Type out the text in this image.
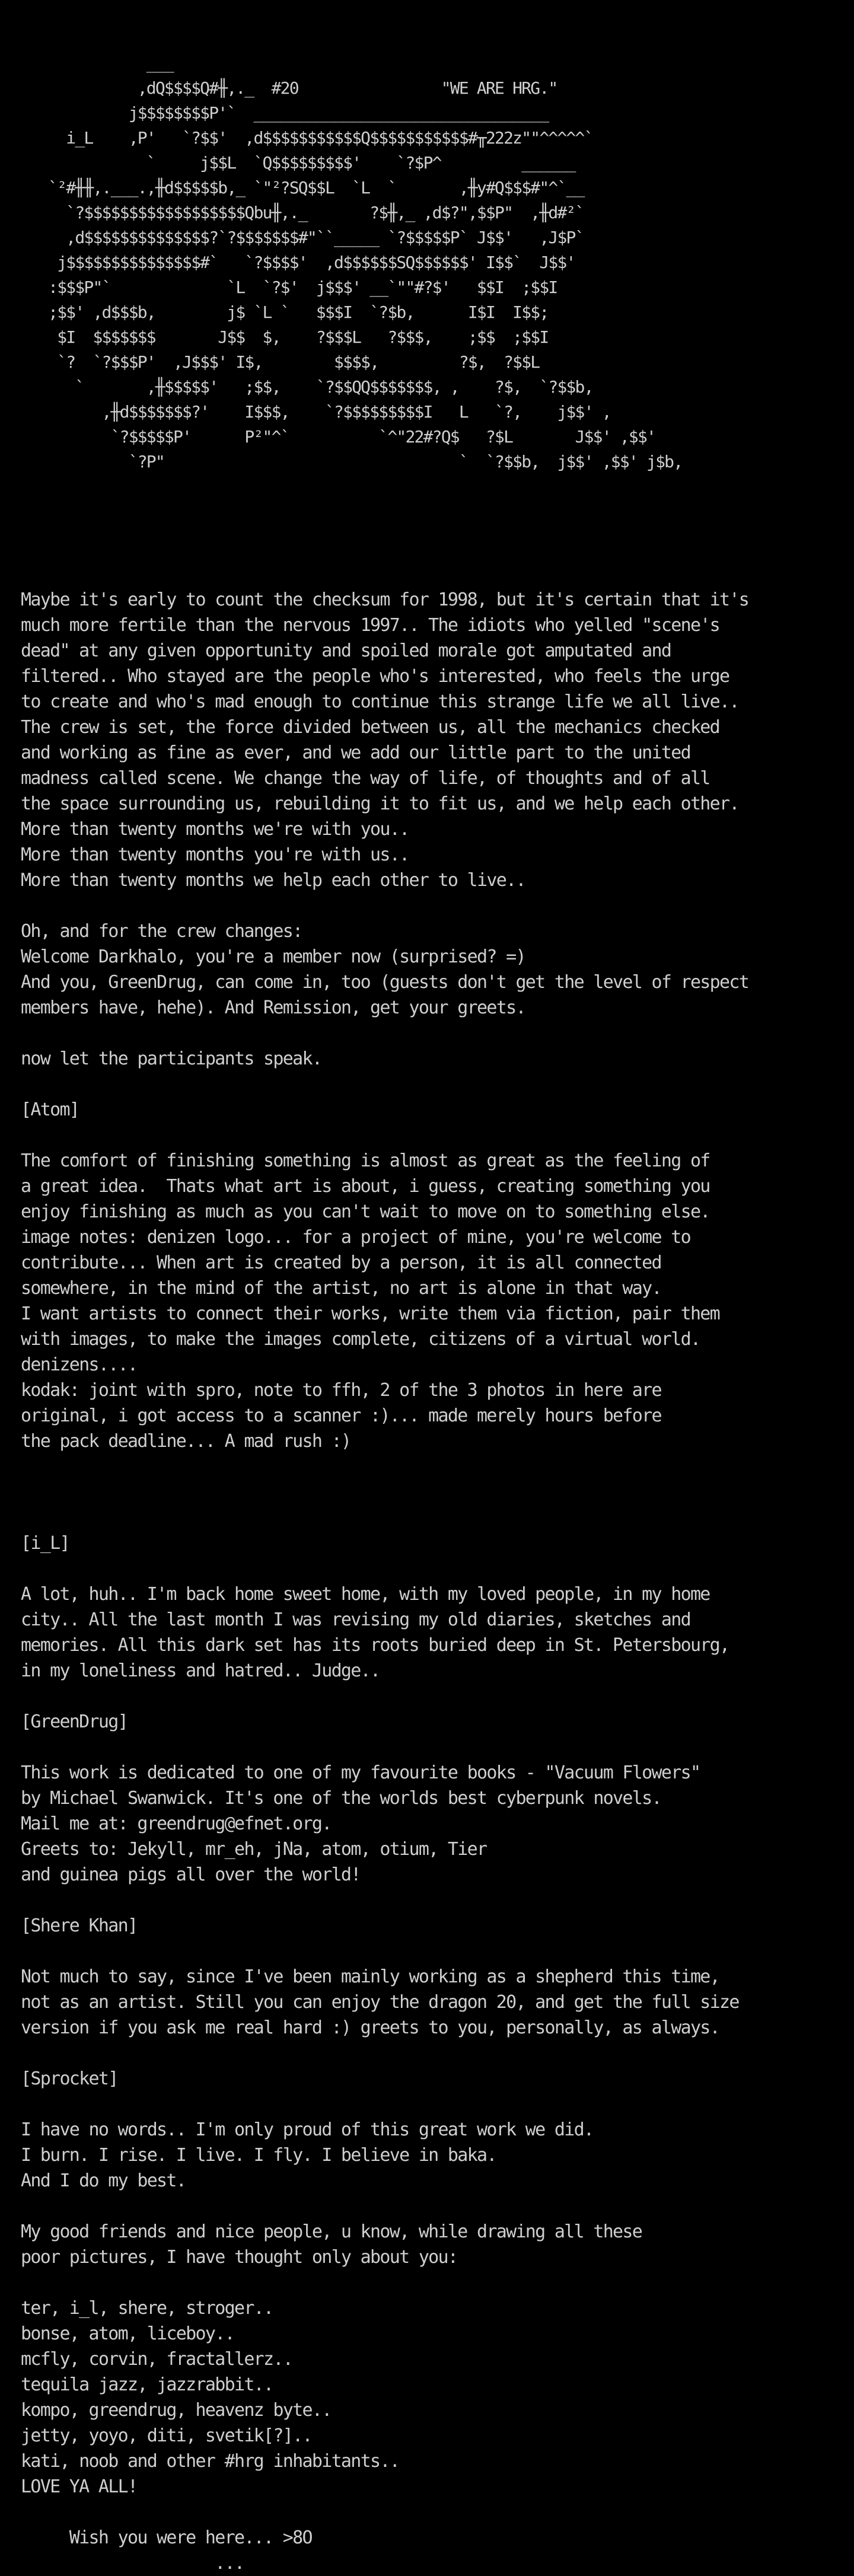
___
,dQ$$$$Q#╫,._  #20                "WE ARE HRG."
j$$$$$$$$P'`  _________________________________
i_L    ,P'   `?$$'  ,d$$$$$$$$$$$Q$$$$$$$$$$$#╥222z""^^^^^`
`     j$$L  `Q$$$$$$$$$'    `?$P^         ______
`²#╫╫,.___.,╫d$$$$$b,_ `"²?SQ$$L  `L  `       ,╫y#Q$$$#"^`__
`?$$$$$$$$$$$$$$$$$$Qbu╫,._       ?$╫,_ ,d$?",$$P"  ,╫d#²`
,d$$$$$$$$$$$$$$?`?$$$$$$$#"``_____ `?$$$$$P` J$$'   ,J$P`
j$$$$$$$$$$$$$$$#`   `?$$$$'  ,d$$$$$$SQ$$$$$$' I$$`  J$$'
:$$$P"`             `L  `?$'  j$$$' __`""#?$'   $$I  ;$$I
;$$' ,d$$$b,        j$ `L `   $$$I  `?$b,      I$I  I$$;
$I  $$$$$$$       J$$  $,    ?$$$L   ?$$$,    ;$$  ;$$I
`?  `?$$$P'  ,J$$$' I$,        $$$$,         ?$,  ?$$L
`       ,╫$$$$$'   ;$$,    `?$$QQ$$$$$$$, ,    ?$,  `?$$b,
,╫d$$$$$$$?'    I$$$,    `?$$$$$$$$$I   L   `?,    j$$' ,
`?$$$$$P'      P²"^`          `^"22#?Q$   ?$L       J$$' ,$$'
`?P"                                 `  `?$$b,  j$$' ,$$' j$b,
Maybe it's early to count the checksum for 1998, but it's certain that it's
much more fertile than the nervous 1997.. The idiots who yelled "scene's
dead" at any given opportunity and spoiled morale got amputated and
filtered.. Who stayed are the people who's interested, who feels the urge
to create and who's mad enough to continue this strange life we all live..
The crew is set, the force divided between us, all the mechanics checked
and working as fine as ever, and we add our little part to the united
madness called scene. We change the way of life, of thoughts and of all
the space surrounding us, rebuilding it to fit us, and we help each other.
More than twenty months we're with you..
More than twenty months you're with us..
More than twenty months we help each other to live..
Oh, and for the crew changes:
Welcome Darkhalo, you're a member now (surprised? =)
And you, GreenDrug, can come in, too (guests don't get the level of respect
members have, hehe). And Remission, get your greets.
now let the participants speak.
[Atom]
The comfort of finishing something is almost as great as the feeling of
a great idea.  Thats what art is about, i guess, creating something you
enjoy finishing as much as you can't wait to move on to something else.
image notes: denizen logo... for a project of mine, you're welcome to
contribute... When art is created by a person, it is all connected
somewhere, in the mind of the artist, no art is alone in that way.
I want artists to connect their works, write them via fiction, pair them
with images, to make the images complete, citizens of a virtual world.
denizens....
kodak: joint with spro, note to ffh, 2 of the 3 photos in here are
original, i got access to a scanner :)... made merely hours before
the pack deadline... A mad rush :)
[i_L]
A lot, huh.. I'm back home sweet home, with my loved people, in my home
city.. All the last month I was revising my old diaries, sketches and
memories. All this dark set has its roots buried deep in St. Petersbourg,
in my loneliness and hatred.. Judge..
[GreenDrug]
This work is dedicated to one of my favourite books - "Vacuum Flowers"
by Michael Swanwick. It's one of the worlds best cyberpunk novels.
Mail me at: greendrug@efnet.org.
Greets to: Jekyll, mr_eh, jNa, atom, otium, Tier
and guinea pigs all over the world!
[Shere Khan]
Not much to say, since I've been mainly working as a shepherd this time,
not as an artist. Still you can enjoy the dragon 20, and get the full size
version if you ask me real hard :) greets to you, personally, as always.
[Sprocket]
I have no words.. I'm only proud of this great work we did.
I burn. I rise. I live. I fly. I believe in baka.
And I do my best.
My good friends and nice people, u know, while drawing all these
poor pictures, I have thought only about you:
ter, i_l, shere, stroger..
bonse, atom, liceboy..
mcfly, corvin, fractallerz..
tequila jazz, jazzrabbit..
kompo, greendrug, heavenz byte..
jetty, yoyo, diti, svetik[?]..
kati, noob and other #hrg inhabitants..
LOVE YA ALL!
Wish you were here... >8O
...
